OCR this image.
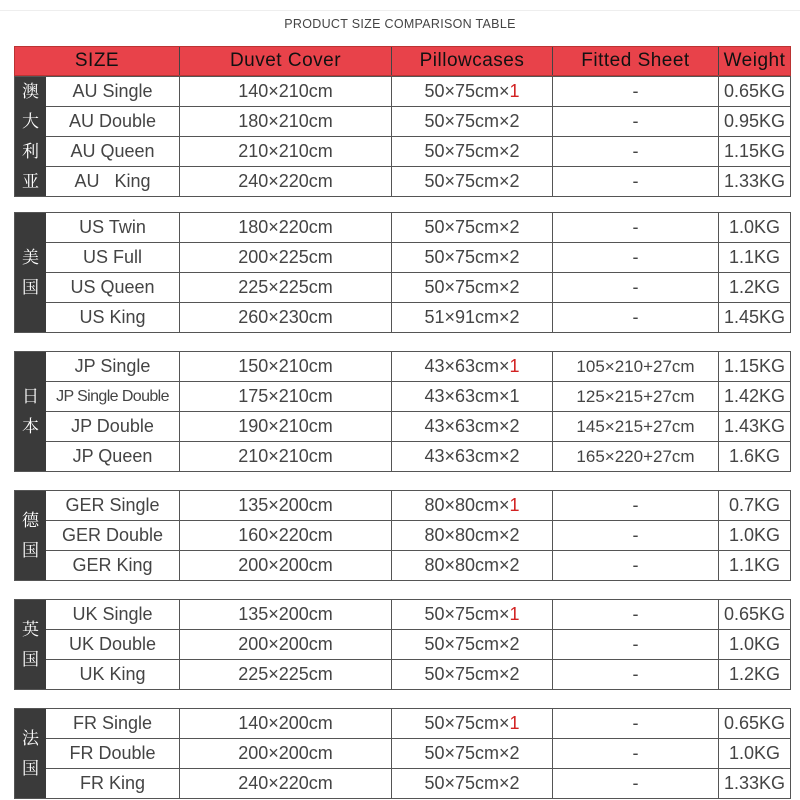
PRODUCT SIZE COMPARISON TABLE
SIZE	Duvet Cover	Pillowcases	Fitted Sheet	Weight
澳
大
利
亚
AU Single	140×210cm	50×75cm× 1	-	0.65KG
AU Double	180×210cm	50×75cm× 2	-	0.95KG
AU Queen	210×210cm	50×75cm× 2	-	1.15KG
AU   King	240×220cm	50×75cm× 2	-	1.33KG
美
国
US Twin	180×220cm	50×75cm× 2	-	1.0KG
US Full	200×225cm	50×75cm× 2	-	1.1KG
US Queen	225×225cm	50×75cm× 2	-	1.2KG
US King	260×230cm	51×91cm× 2	-	1.45KG
日
本
JP Single	150×210cm	43×63cm× 1	105×210+27cm	1.15KG
JP Single Double	175×210cm	43×63cm× 1	125×215+27cm	1.42KG
JP Double	190×210cm	43×63cm× 2	145×215+27cm	1.43KG
JP Queen	210×210cm	43×63cm× 2	165×220+27cm	1.6KG
德
国
GER Single	135×200cm	80×80cm× 1	-	0.7KG
GER Double	160×220cm	80×80cm× 2	-	1.0KG
GER King	200×200cm	80×80cm× 2	-	1.1KG
英
国
UK Single	135×200cm	50×75cm× 1	-	0.65KG
UK Double	200×200cm	50×75cm× 2	-	1.0KG
UK King	225×225cm	50×75cm× 2	-	1.2KG
法
国
FR Single	140×200cm	50×75cm× 1	-	0.65KG
FR Double	200×200cm	50×75cm× 2	-	1.0KG
FR King	240×220cm	50×75cm× 2	-	1.33KG
